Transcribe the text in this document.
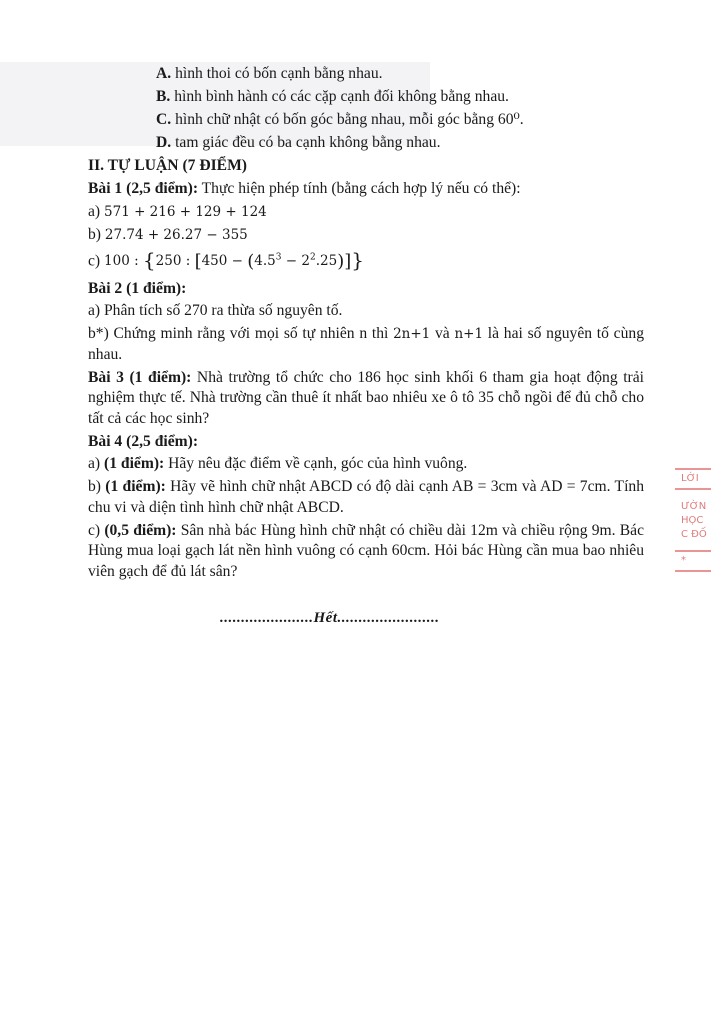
A. hình thoi có bốn cạnh bằng nhau.
B. hình bình hành có các cặp cạnh đối không bằng nhau.
C. hình chữ nhật có bốn góc bằng nhau, mỗi góc bằng 60⁰.
D. tam giác đều có ba cạnh không bằng nhau.
II. TỰ LUẬN (7 ĐIỂM)
Bài 1 (2,5 điểm): Thực hiện phép tính (bằng cách hợp lý nếu có thể):
a) 571 + 216 + 129 + 124
b) 27.74 + 26.27 − 355
c) 100 : {250 : $[450 - (4.5^3 - 2^2.25)]$}
Bài 2 (1 điểm):
a) Phân tích số 270 ra thừa số nguyên tố.
b*) Chứng minh rằng với mọi số tự nhiên n thì 2n+1 và n+1 là hai số nguyên tố cùng nhau.
Bài 3 (1 điểm): Nhà trường tổ chức cho 186 học sinh khối 6 tham gia hoạt động trải nghiệm thực tế. Nhà trường cần thuê ít nhất bao nhiêu xe ô tô 35 chỗ ngồi để đủ chỗ cho tất cả các học sinh?
Bài 4 (2,5 điểm):
a) (1 điểm): Hãy nêu đặc điểm về cạnh, góc của hình vuông.
b) (1 điểm): Hãy vẽ hình chữ nhật ABCD có độ dài cạnh AB = 3cm và AD = 7cm. Tính chu vi và diện tình hình chữ nhật ABCD.
c) (0,5 điểm): Sân nhà bác Hùng hình chữ nhật có chiều dài 12m và chiều rộng 9m. Bác Hùng mua loại gạch lát nền hình vuông có cạnh 60cm. Hỏi bác Hùng cần mua bao nhiêu viên gạch để đủ lát sân?
......................Hết........................
LỚI
ƯỜN
HỌC
C ĐỐ
*
